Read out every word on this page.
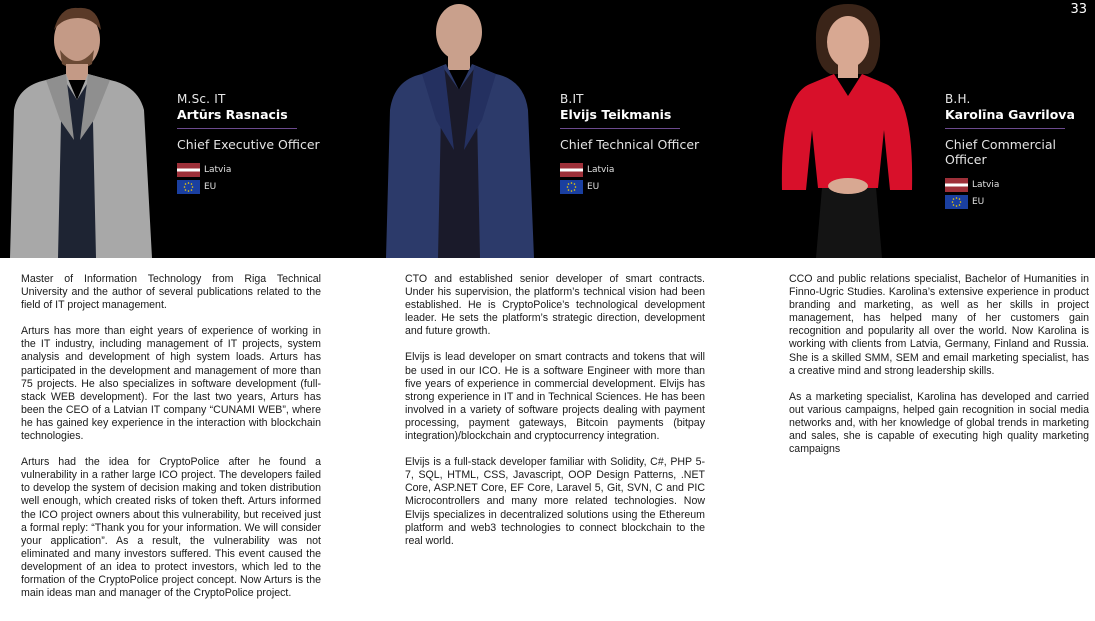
33
M.Sc. IT
Artūrs Rasnacis
Chief Executive Officer
Latvia
EU
B.IT
Elvijs Teikmanis
Chief Technical Officer
Latvia
EU
B.H.
Karolīna Gavrilova
Chief Commercial Officer
Latvia
EU

Master of Information Technology from Riga Technical University and the author of several publications related to the field of IT project management.

Arturs has more than eight years of experience of working in the IT industry, including management of IT projects, system analysis and development of high system loads. Arturs has participated in the development and management of more than 75 projects. He also specializes in software development (full-stack WEB development). For the last two years, Arturs has been the CEO of a Latvian IT company “CUNAMI WEB”, where he has gained key experience in the interaction with blockchain technologies.

Arturs had the idea for CryptoPolice after he found a vulnerability in a rather large ICO project. The developers failed to develop the system of decision making and token distribution well enough, which created risks of token theft. Arturs informed the ICO project owners about this vulnerability, but received just a formal reply: “Thank you for your information. We will consider your application”. As a result, the vulnerability was not eliminated and many investors suffered. This event caused the development of an idea to protect investors, which led to the formation of the CryptoPolice project concept. Now Arturs is the main ideas man and manager of the CryptoPolice project.

CTO and established senior developer of smart contracts. Under his supervision, the platform’s technical vision had been established. He is CryptoPolice’s technological development leader. He sets the platform’s strategic direction, development and future growth.

Elvijs is lead developer on smart contracts and tokens that will be used in our ICO. He is a software Engineer with more than five years of experience in commercial development. Elvijs has strong experience in IT and in Technical Sciences. He has been involved in a variety of software projects dealing with payment processing, payment gateways, Bitcoin payments (bitpay integration)/blockchain and cryptocurrency integration.

Elvijs is a full-stack developer familiar with Solidity, C#, PHP 5-7, SQL, HTML, CSS, Javascript, OOP Design Patterns, .NET Core, ASP.NET Core, EF Core, Laravel 5, Git, SVN, C and PIC Microcontrollers and many more related technologies. Now Elvijs specializes in decentralized solutions using the Ethereum platform and web3 technologies to connect blockchain to the real world.

CCO and public relations specialist, Bachelor of Humanities in Finno-Ugric Studies. Karolina’s extensive experience in product branding and marketing, as well as her skills in project management, has helped many of her customers gain recognition and popularity all over the world. Now Karolina is working with clients from Latvia, Germany, Finland and Russia. She is a skilled SMM, SEM and email marketing specialist, has a creative mind and strong leadership skills.

As a marketing specialist, Karolina has developed and carried out various campaigns, helped gain recognition in social media networks and, with her knowledge of global trends in marketing and sales, she is capable of executing high quality marketing campaigns
